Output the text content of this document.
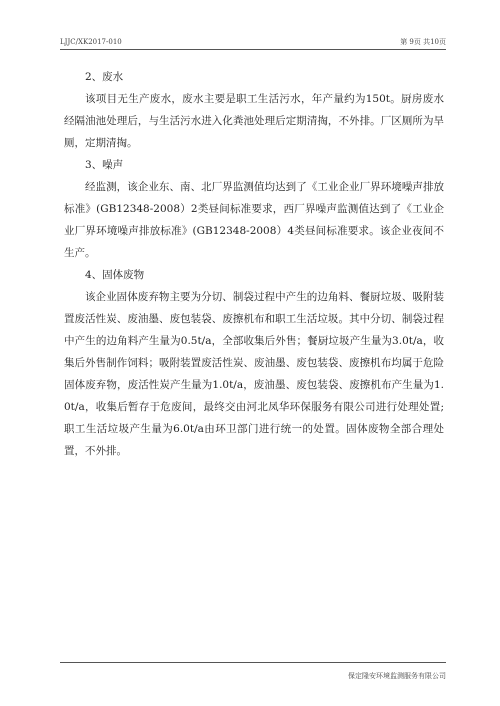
LJJC/XK2017-010	第 9页 共10页

2、废水

该项目无生产废水，废水主要是职工生活污水，年产量约为150t。厨房废水经隔油池处理后，与生活污水进入化粪池处理后定期清掏，不外排。厂区厕所为旱厕，定期清掏。

3、噪声

经监测，该企业东、南、北厂界监测值均达到了《工业企业厂界环境噪声排放标准》(GB12348-2008）2类昼间标准要求，西厂界噪声监测值达到了《工业企业厂界环境噪声排放标准》(GB12348-2008）4类昼间标准要求。该企业夜间不生产。

4、固体废物

该企业固体废弃物主要为分切、制袋过程中产生的边角料、餐厨垃圾、吸附装置废活性炭、废油墨、废包装袋、废擦机布和职工生活垃圾。其中分切、制袋过程中产生的边角料产生量为0.5t/a，全部收集后外售；餐厨垃圾产生量为3.0t/a，收集后外售制作饲料；吸附装置废活性炭、废油墨、废包装袋、废擦机布均属于危险固体废弃物，废活性炭产生量为1.0t/a，废油墨、废包装袋、废擦机布产生量为1.0t/a，收集后暂存于危废间，最终交由河北凤华环保服务有限公司进行处理处置;职工生活垃圾产生量为6.0t/a由环卫部门进行统一的处置。固体废物全部合理处置，不外排。

保定隆安环境监测服务有限公司
